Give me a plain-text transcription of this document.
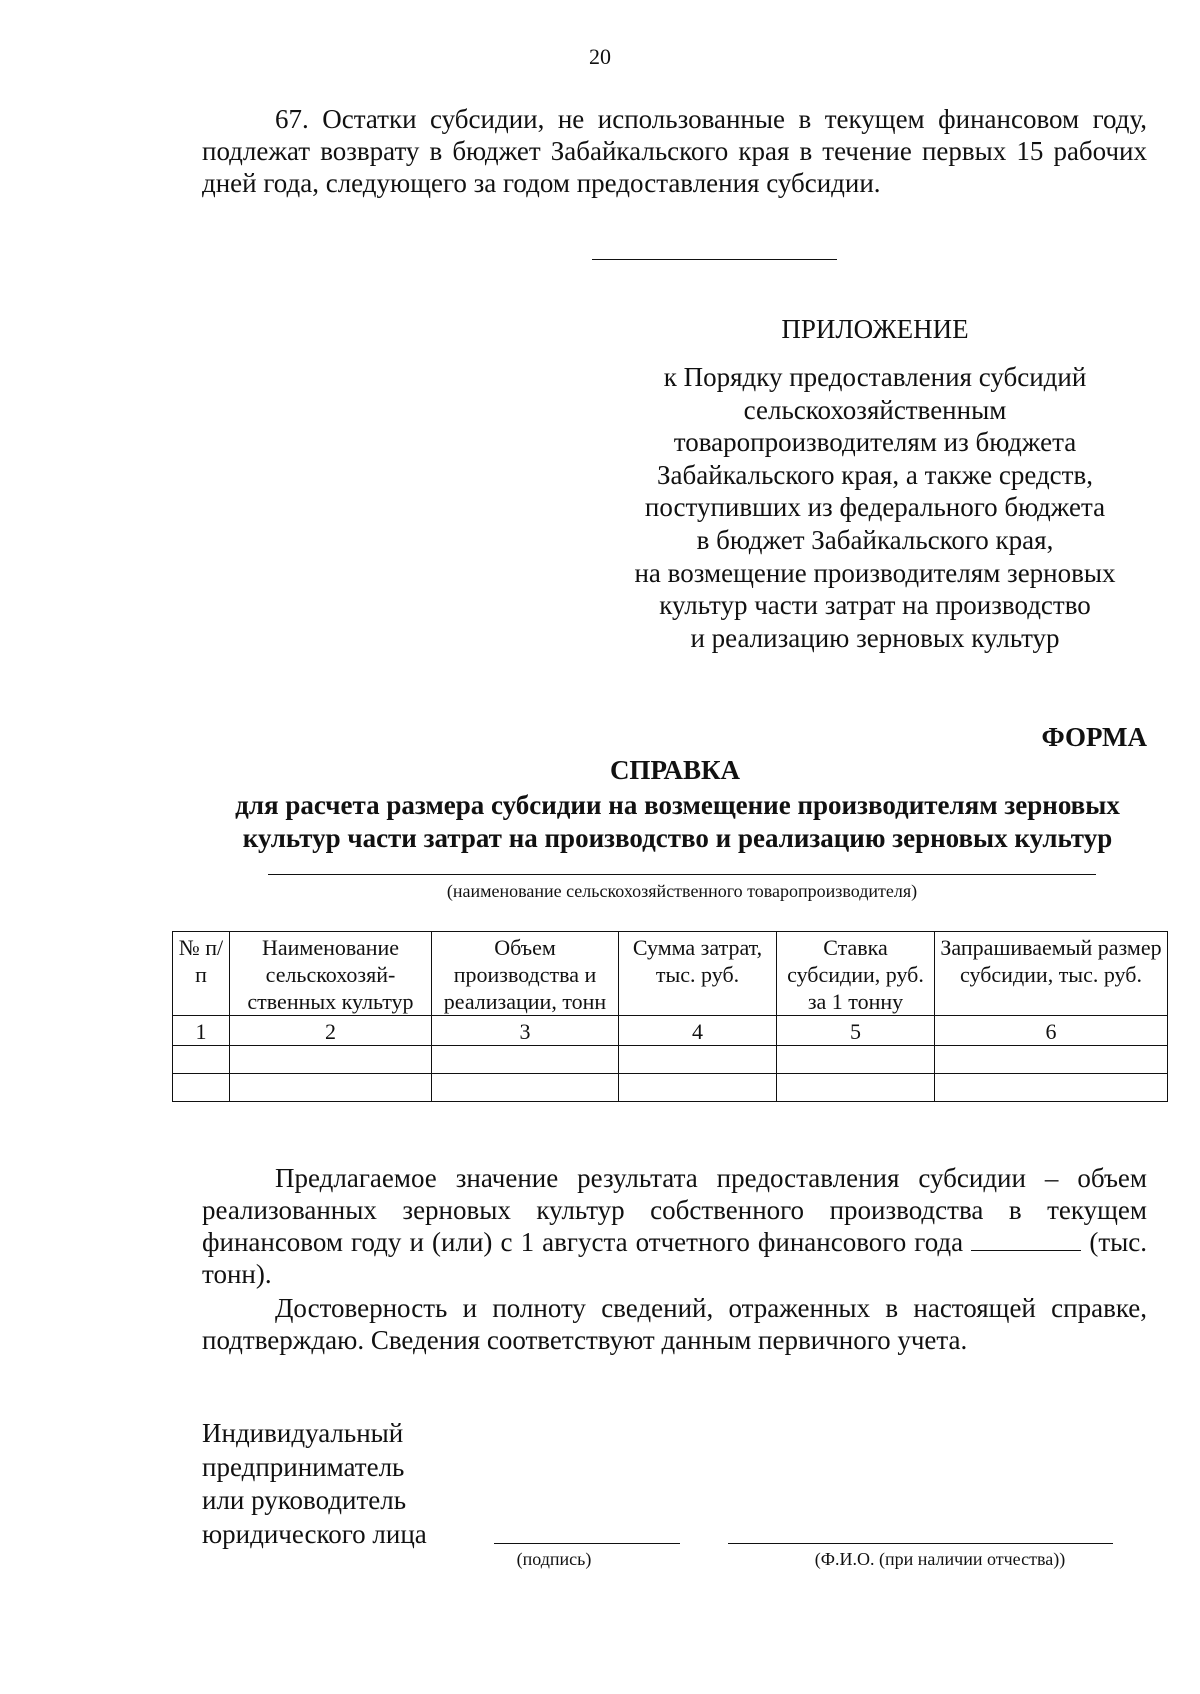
20
67. Остатки субсидии, не использованные в текущем финансовом году, подлежат возврату в бюджет Забайкальского края в течение первых 15 рабочих дней года, следующего за годом предоставления субсидии.
ПРИЛОЖЕНИЕ
к Порядку предоставления субсидий
сельскохозяйственным
товаропроизводителям из бюджета
Забайкальского края, а также средств,
поступивших из федерального бюджета
в бюджет Забайкальского края,
на возмещение производителям зерновых
культур части затрат на производство
и реализацию зерновых культур
ФОРМА
СПРАВКА
для расчета размера субсидии на возмещение производителям зерновых
культур части затрат на производство и реализацию зерновых культур
(наименование сельскохозяйственного товаропроизводителя)
№ п/п	Наименование сельскохозяй-ственных культур	Объем производства и реализации, тонн	Сумма затрат, тыс. руб.	Ставка субсидии, руб. за 1 тонну	Запрашиваемый размер субсидии, тыс. руб.
1	2	3	4	5	6

Предлагаемое значение результата предоставления субсидии – объем реализованных зерновых культур собственного производства в текущем финансовом году и (или) с 1 августа отчетного финансового года	(тыс. тонн).
Достоверность и полноту сведений, отраженных в настоящей справке, подтверждаю. Сведения соответствуют данным первичного учета.
Индивидуальный
предприниматель
или руководитель
юридического лица
(подпись)	(Ф.И.О. (при наличии отчества))
